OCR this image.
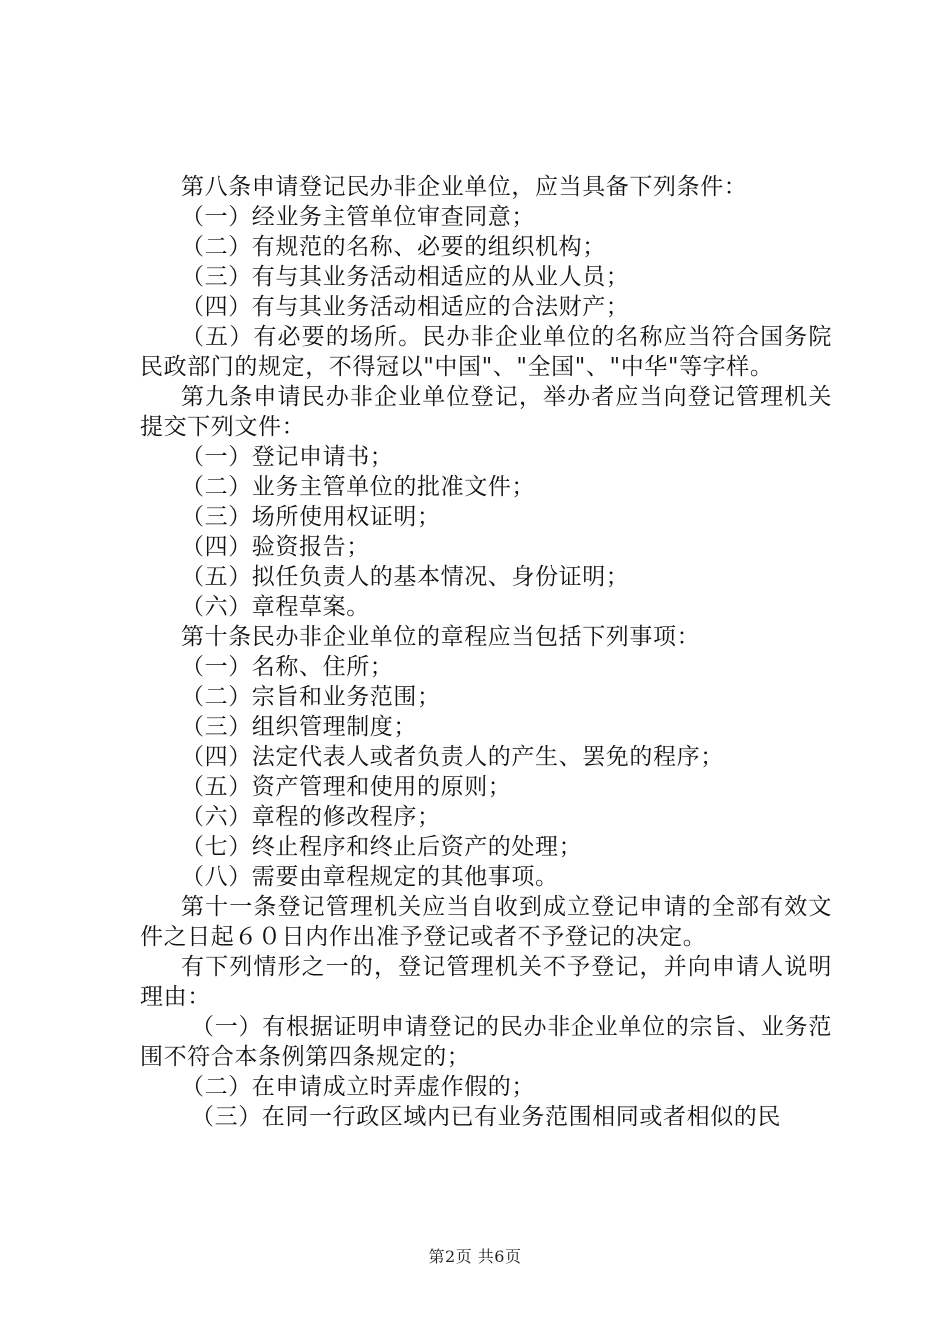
第八条申请登记民办非企业单位，应当具备下列条件：

（一）经业务主管单位审查同意；

（二）有规范的名称、必要的组织机构；

（三）有与其业务活动相适应的从业人员；

（四）有与其业务活动相适应的合法财产；

（五）有必要的场所。民办非企业单位的名称应当符合国务院民政部门的规定，不得冠以"中国"、"全国"、"中华"等字样。

第九条申请民办非企业单位登记，举办者应当向登记管理机关提交下列文件：

（一）登记申请书；

（二）业务主管单位的批准文件；

（三）场所使用权证明；

（四）验资报告；

（五）拟任负责人的基本情况、身份证明；

（六）章程草案。

第十条民办非企业单位的章程应当包括下列事项：

（一）名称、住所；

（二）宗旨和业务范围；

（三）组织管理制度；

（四）法定代表人或者负责人的产生、罢免的程序；

（五）资产管理和使用的原则；

（六）章程的修改程序；

（七）终止程序和终止后资产的处理；

（八）需要由章程规定的其他事项。

第十一条登记管理机关应当自收到成立登记申请的全部有效文件之日起６０日内作出准予登记或者不予登记的决定。

有下列情形之一的，登记管理机关不予登记，并向申请人说明理由：

（一）有根据证明申请登记的民办非企业单位的宗旨、业务范围不符合本条例第四条规定的；

（二）在申请成立时弄虚作假的；

（三）在同一行政区域内已有业务范围相同或者相似的民

第2页 共6页
